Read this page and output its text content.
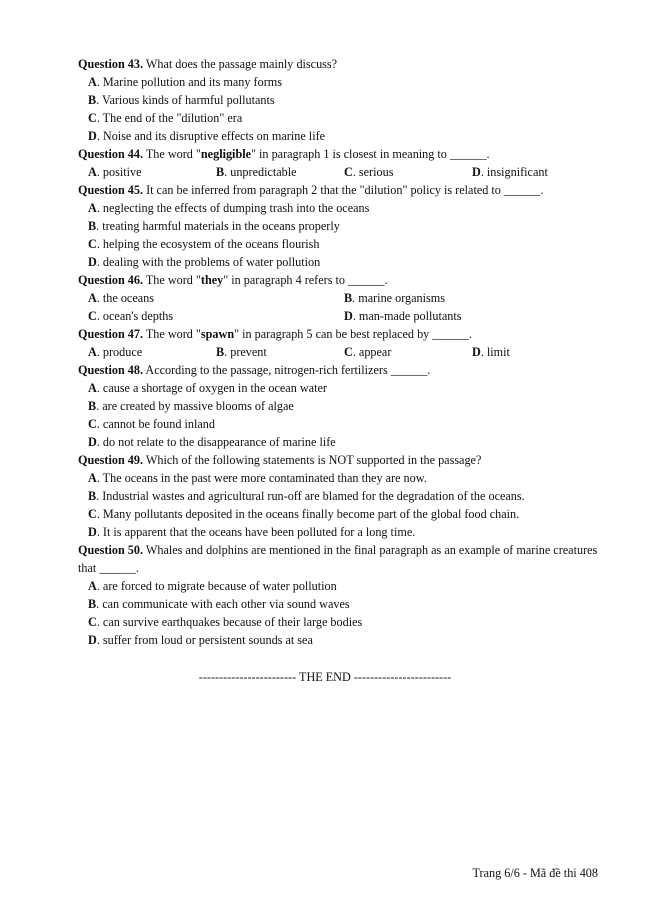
Question 43. What does the passage mainly discuss?
A. Marine pollution and its many forms
B. Various kinds of harmful pollutants
C. The end of the "dilution" era
D. Noise and its disruptive effects on marine life
Question 44. The word "negligible" in paragraph 1 is closest in meaning to ______.
A. positive	B. unpredictable	C. serious	D. insignificant
Question 45. It can be inferred from paragraph 2 that the "dilution" policy is related to ______.
A. neglecting the effects of dumping trash into the oceans
B. treating harmful materials in the oceans properly
C. helping the ecosystem of the oceans flourish
D. dealing with the problems of water pollution
Question 46. The word "they" in paragraph 4 refers to ______.
A. the oceans	B. marine organisms
C. ocean's depths	D. man-made pollutants
Question 47. The word "spawn" in paragraph 5 can be best replaced by ______.
A. produce	B. prevent	C. appear	D. limit
Question 48. According to the passage, nitrogen-rich fertilizers ______.
A. cause a shortage of oxygen in the ocean water
B. are created by massive blooms of algae
C. cannot be found inland
D. do not relate to the disappearance of marine life
Question 49. Which of the following statements is NOT supported in the passage?
A. The oceans in the past were more contaminated than they are now.
B. Industrial wastes and agricultural run-off are blamed for the degradation of the oceans.
C. Many pollutants deposited in the oceans finally become part of the global food chain.
D. It is apparent that the oceans have been polluted for a long time.
Question 50. Whales and dolphins are mentioned in the final paragraph as an example of marine creatures that ______.
A. are forced to migrate because of water pollution
B. can communicate with each other via sound waves
C. can survive earthquakes because of their large bodies
D. suffer from loud or persistent sounds at sea
------------------------ THE END ------------------------
Trang 6/6 - Mã đề thi 408
